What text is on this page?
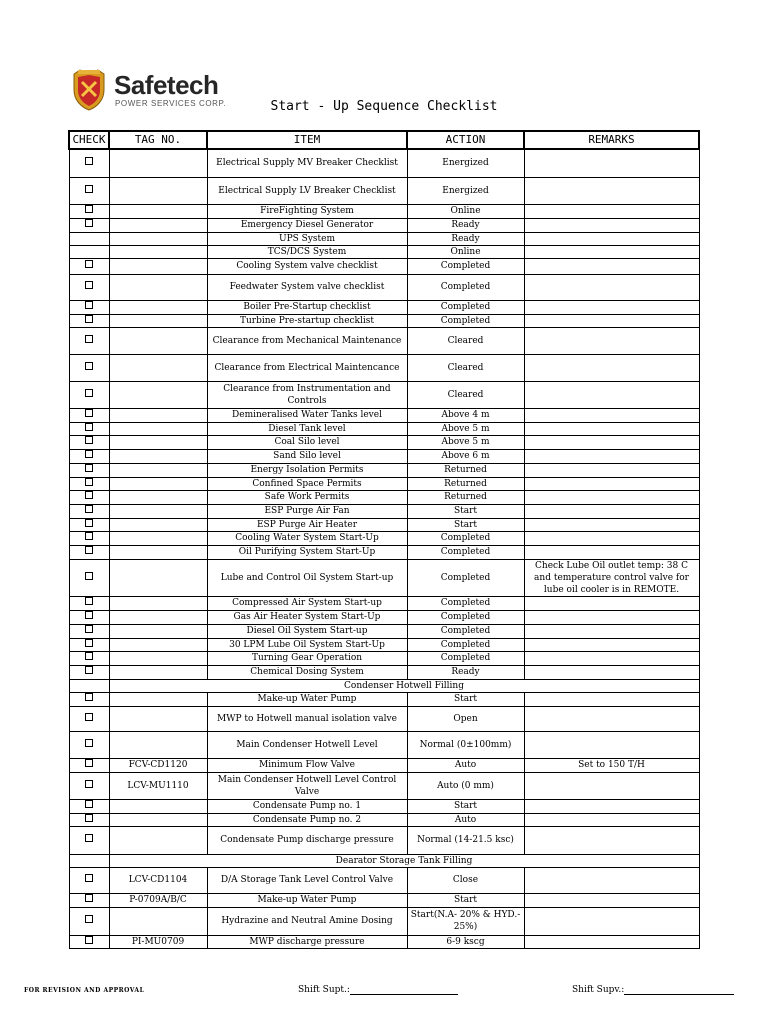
Safetech
POWER SERVICES CORP.	Start - Up Sequence Checklist
CHECK	TAG NO.	ITEM	ACTION	REMARKS
		Electrical Supply MV Breaker Checklist	Energized	
		Electrical Supply LV Breaker Checklist	Energized	
		FireFighting System	Online	
		Emergency Diesel Generator	Ready	
		UPS System	Ready	
		TCS/DCS System	Online	
		Cooling System valve checklist	Completed	
		Feedwater System valve checklist	Completed	
		Boiler Pre-Startup checklist	Completed	
		Turbine Pre-startup checklist	Completed	
		Clearance from Mechanical Maintenance	Cleared	
		Clearance from Electrical Maintencance	Cleared	
		Clearance from Instrumentation and Controls	Cleared	
		Demineralised Water Tanks level	Above 4 m	
		Diesel Tank level	Above 5 m	
		Coal Silo level	Above 5 m	
		Sand Silo level	Above 6 m	
		Energy Isolation Permits	Returned	
		Confined Space Permits	Returned	
		Safe Work Permits	Returned	
		ESP Purge Air Fan	Start	
		ESP Purge Air Heater	Start	
		Cooling Water System Start-Up	Completed	
		Oil Purifying System Start-Up	Completed	
		Lube and Control Oil System Start-up	Completed	Check Lube Oil outlet temp: 38 C and temperature control valve for lube oil cooler is in REMOTE.
		Compressed Air System Start-up	Completed	
		Gas Air Heater System Start-Up	Completed	
		Diesel Oil System Start-up	Completed	
		30 LPM Lube Oil System Start-Up	Completed	
		Turning Gear Operation	Completed	
		Chemical Dosing System	Ready	
	Condenser Hotwell Filling			
		Make-up Water Pump	Start	
		MWP to Hotwell manual isolation valve	Open	
		Main Condenser Hotwell Level	Normal (0±100mm)	
	FCV-CD1120	Minimum Flow Valve	Auto	Set to 150 T/H
	LCV-MU1110	Main Condenser Hotwell Level Control Valve	Auto (0 mm)	
		Condensate Pump no. 1	Start	
		Condensate Pump no. 2	Auto	
		Condensate Pump discharge pressure	Normal (14-21.5 ksc)	
	Dearator Storage Tank Filling			
	LCV-CD1104	D/A Storage Tank Level Control Valve	Close	
	P-0709A/B/C	Make-up Water Pump	Start	
		Hydrazine and Neutral Amine Dosing	Start(N.A- 20% & HYD.- 25%)	
	PI-MU0709	MWP discharge pressure	6-9 kscg	
FOR REVISION AND APPROVAL	Shift Supt.:	Shift Supv.:
